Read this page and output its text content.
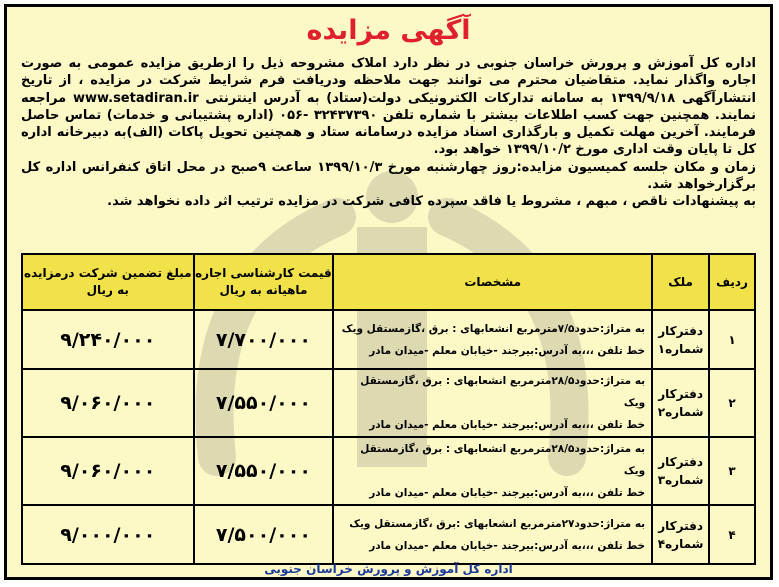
آگهی مزایده

اداره کل آموزش و پرورش خراسان جنوبی در نظر دارد املاک مشروحه ذیل را ازطریق مزایده عمومی به صورت اجاره واگذار نماید. متقاضیان محترم می توانند جهت ملاحظه ودریافت فرم شرایط شرکت در مزایده ، از تاریخ انتشارآگهی ۱۳۹۹/۹/۱۸ به سامانه تدارکات الکترونیکی دولت(ستاد) به آدرس اینترنتی www.setadiran.ir مراجعه نمایند. همچنین جهت کسب اطلاعات بیشتر با شماره تلفن ۳۲۴۳۷۳۹۰ -۰۵۶ (اداره پشتیبانی و خدمات) تماس حاصل فرمایند. آخرین مهلت تکمیل و بارگذاری اسناد مزایده درسامانه ستاد و همچنین تحویل پاکات (الف)به دبیرخانه اداره کل تا پایان وقت اداری مورخ ۱۳۹۹/۱۰/۲ خواهد بود.

زمان و مکان جلسه کمیسیون مزایده:روز چهارشنبه مورخ ۱۳۹۹/۱۰/۳ ساعت ۹صبح در محل اتاق کنفرانس اداره کل برگزارخواهد شد.

به پیشنهادات ناقص ، مبهم ، مشروط یا فاقد سپرده کافی شرکت در مزایده ترتیب اثر داده نخواهد شد.

ردیف	ملک	مشخصات	قیمت کارشناسی اجاره ماهیانه به ریال	مبلغ تضمین شرکت درمزایده به ریال
۱	دفترکار شماره۱	به متراژ:حدود۷/۵مترمربع انشعابهای : برق ،گازمستقل ویک
خط تلفن ،،،به آدرس:بیرجند -خیابان معلم -میدان مادر	۷/۷۰۰/۰۰۰	۹/۲۴۰/۰۰۰
۲	دفترکار شماره۲	به متراژ:حدود۲۸/۵مترمربع انشعابهای : برق ،گازمستقل ویک
خط تلفن ،،،به آدرس:بیرجند -خیابان معلم -میدان مادر	۷/۵۵۰/۰۰۰	۹/۰۶۰/۰۰۰
۳	دفترکار شماره۳	به متراژ:حدود۲۸/۵مترمربع انشعابهای : برق ،گازمستقل ویک
خط تلفن ،،،به آدرس:بیرجند -خیابان معلم -میدان مادر	۷/۵۵۰/۰۰۰	۹/۰۶۰/۰۰۰
۴	دفترکار شماره۴	به متراژ:حدود۲۷مترمربع انشعابهای :برق ،گازمستقل ویک
خط تلفن ،،،به آدرس:بیرجند -خیابان معلم -میدان مادر	۷/۵۰۰/۰۰۰	۹/۰۰۰/۰۰۰
اداره کل آموزش و پرورش خراسان جنوبی
